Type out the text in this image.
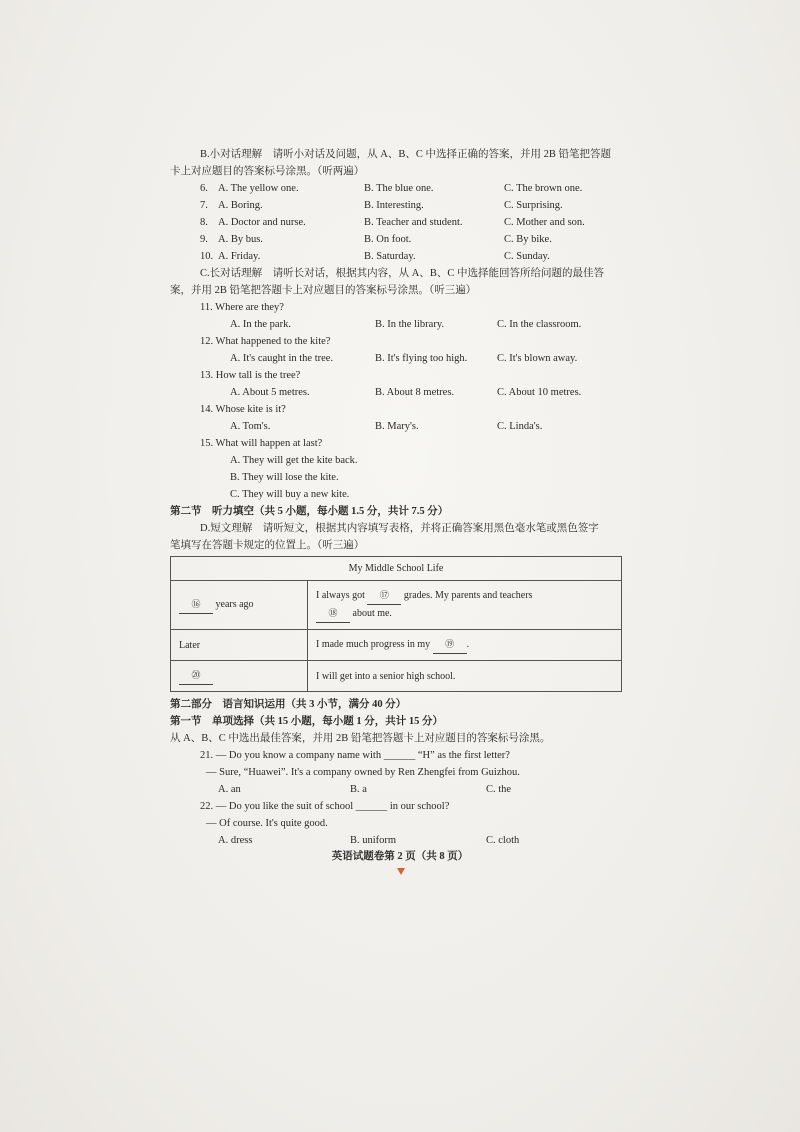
B.小对话理解　请听小对话及问题，从 A、B、C 中选择正确的答案，并用 2B 铅笔把答题
卡上对应题目的答案标号涂黑。（听两遍）
6. A. The yellow one.	B. The blue one.	C. The brown one.
7. A. Boring.	B. Interesting.	C. Surprising.
8. A. Doctor and nurse.	B. Teacher and student.	C. Mother and son.
9. A. By bus.	B. On foot.	C. By bike.
10. A. Friday.	B. Saturday.	C. Sunday.
C.长对话理解　请听长对话，根据其内容，从 A、B、C 中选择能回答所给问题的最佳答
案，并用 2B 铅笔把答题卡上对应题目的答案标号涂黑。（听三遍）
11. Where are they?
A. In the park.	B. In the library.	C. In the classroom.
12. What happened to the kite?
A. It's caught in the tree.	B. It's flying too high.	C. It's blown away.
13. How tall is the tree?
A. About 5 metres.	B. About 8 metres.	C. About 10 metres.
14. Whose kite is it?
A. Tom's.	B. Mary's.	C. Linda's.
15. What will happen at last?
A. They will get the kite back.
B. They will lose the kite.
C. They will buy a new kite.
第二节　听力填空（共 5 小题，每小题 1.5 分，共计 7.5 分）
D.短文理解　请听短文，根据其内容填写表格，并将正确答案用黑色毫水笔或黑色签字
笔填写在答题卡规定的位置上。（听三遍）
My Middle School Life	
⑯ years ago	I always got ⑰ grades. My parents and teachers
⑱ about me.
Later	I made much progress in my ⑲ .
⑳	I will get into a senior high school.
第二部分　语言知识运用（共 3 小节，满分 40 分）
第一节　单项选择（共 15 小题，每小题 1 分，共计 15 分）
从 A、B、C 中选出最佳答案，并用 2B 铅笔把答题卡上对应题目的答案标号涂黑。
21. — Do you know a company name with ______ “H” as the first letter?
— Sure, “Huawei”. It's a company owned by Ren Zhengfei from Guizhou.
A. an	B. a	C. the
22. — Do you like the suit of school ______ in our school?
— Of course. It's quite good.
A. dress	B. uniform	C. cloth
英语试题卷第 2 页（共 8 页）
